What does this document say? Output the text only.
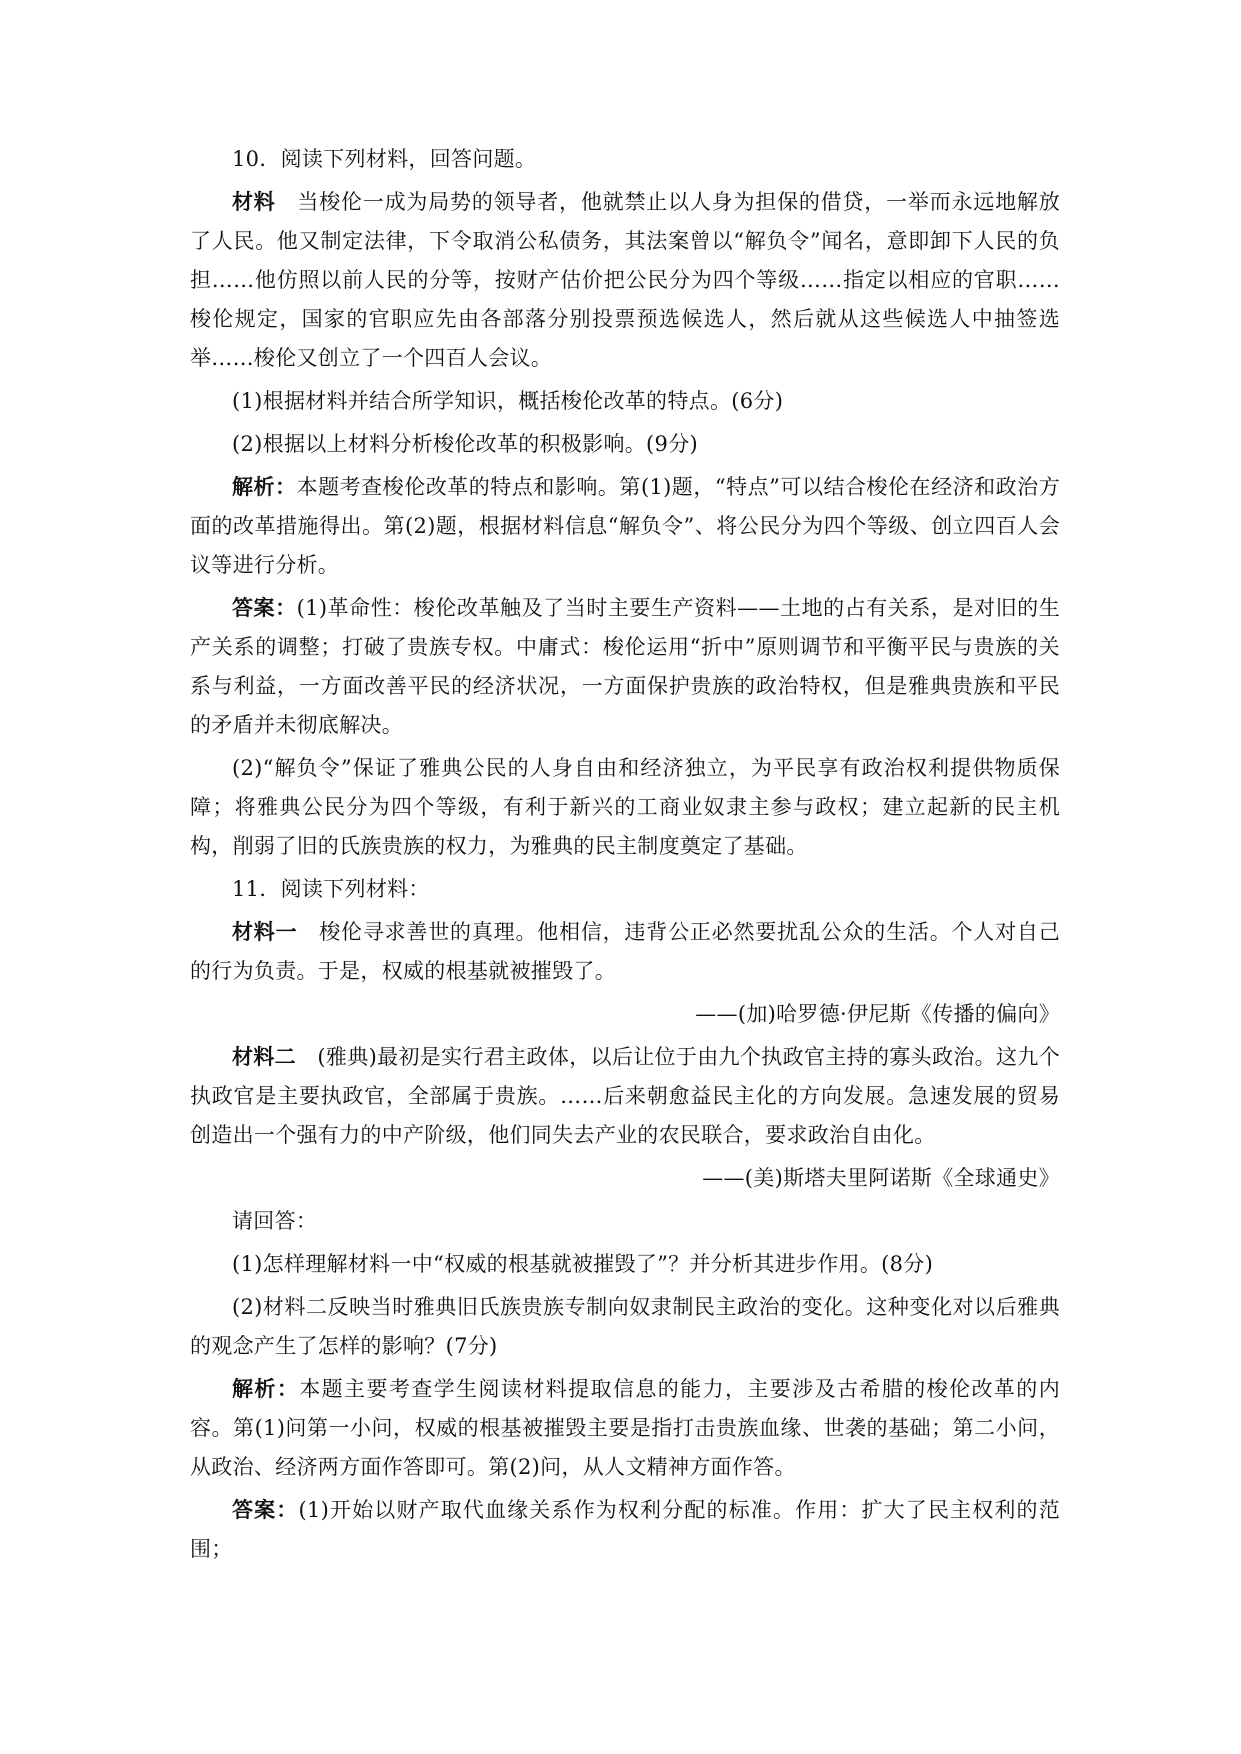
10．阅读下列材料，回答问题。

材料　当梭伦一成为局势的领导者，他就禁止以人身为担保的借贷，一举而永远地解放了人民。他又制定法律，下令取消公私债务，其法案曾以“解负令”闻名，意即卸下人民的负担……他仿照以前人民的分等，按财产估价把公民分为四个等级……指定以相应的官职……梭伦规定，国家的官职应先由各部落分别投票预选候选人，然后就从这些候选人中抽签选举……梭伦又创立了一个四百人会议。

(1)根据材料并结合所学知识，概括梭伦改革的特点。(6分)

(2)根据以上材料分析梭伦改革的积极影响。(9分)

解析：本题考查梭伦改革的特点和影响。第(1)题，“特点”可以结合梭伦在经济和政治方面的改革措施得出。第(2)题，根据材料信息“解负令”、将公民分为四个等级、创立四百人会议等进行分析。

答案：(1)革命性：梭伦改革触及了当时主要生产资料——土地的占有关系，是对旧的生产关系的调整；打破了贵族专权。中庸式：梭伦运用“折中”原则调节和平衡平民与贵族的关系与利益，一方面改善平民的经济状况，一方面保护贵族的政治特权，但是雅典贵族和平民的矛盾并未彻底解决。

(2)“解负令”保证了雅典公民的人身自由和经济独立，为平民享有政治权利提供物质保障；将雅典公民分为四个等级，有利于新兴的工商业奴隶主参与政权；建立起新的民主机构，削弱了旧的氏族贵族的权力，为雅典的民主制度奠定了基础。

11．阅读下列材料：

材料一　梭伦寻求善世的真理。他相信，违背公正必然要扰乱公众的生活。个人对自己的行为负责。于是，权威的根基就被摧毁了。

——(加)哈罗德·伊尼斯《传播的偏向》

材料二　(雅典)最初是实行君主政体，以后让位于由九个执政官主持的寡头政治。这九个执政官是主要执政官，全部属于贵族。……后来朝愈益民主化的方向发展。急速发展的贸易创造出一个强有力的中产阶级，他们同失去产业的农民联合，要求政治自由化。

——(美)斯塔夫里阿诺斯《全球通史》

请回答：

(1)怎样理解材料一中“权威的根基就被摧毁了”？并分析其进步作用。(8分)

(2)材料二反映当时雅典旧氏族贵族专制向奴隶制民主政治的变化。这种变化对以后雅典的观念产生了怎样的影响？(7分)

解析：本题主要考查学生阅读材料提取信息的能力，主要涉及古希腊的梭伦改革的内容。第(1)问第一小问，权威的根基被摧毁主要是指打击贵族血缘、世袭的基础；第二小问，从政治、经济两方面作答即可。第(2)问，从人文精神方面作答。

答案：(1)开始以财产取代血缘关系作为权利分配的标准。作用：扩大了民主权利的范围；
